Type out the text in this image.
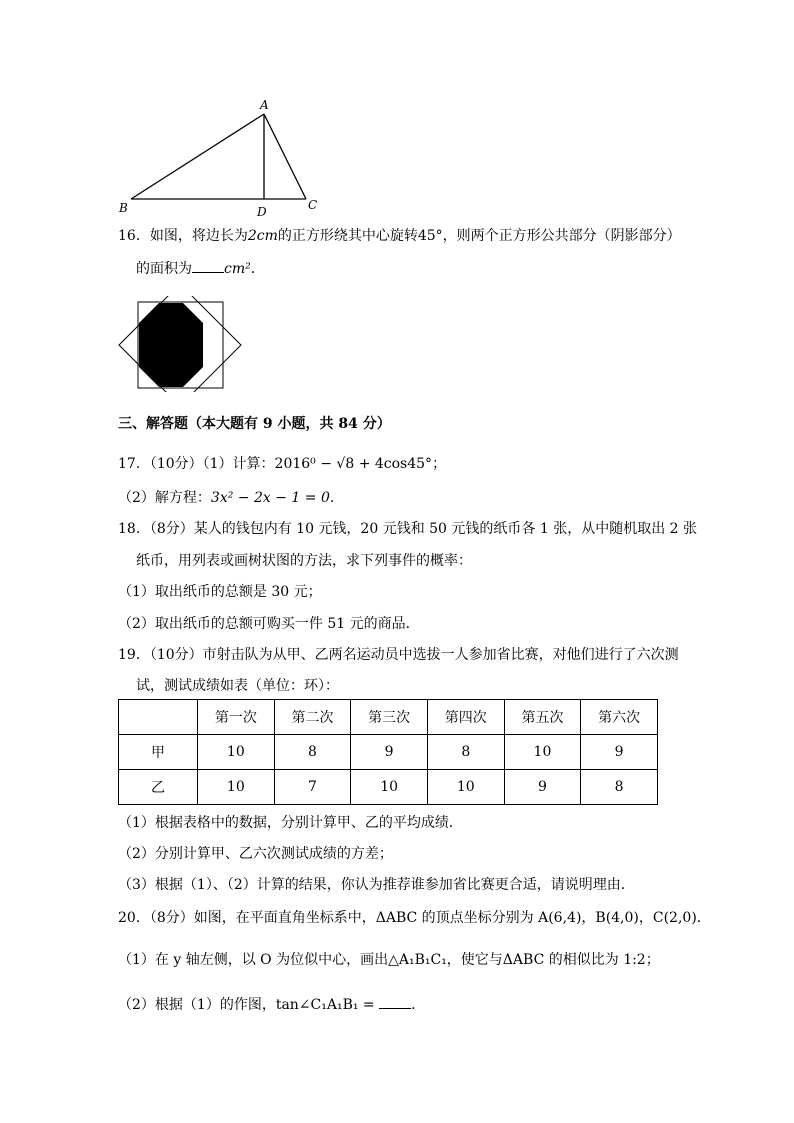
A
B	C
D
16．如图，将边长为2cm的正方形绕其中心旋转45°，则两个正方形公共部分（阴影部分）
的面积为 cm²．
三、解答题（本大题有 9 小题，共 84 分）
17．（10分）（1）计算：2016⁰ − √8 + 4cos45°；
（2）解方程：3x² − 2x − 1 = 0．
18．（8分）某人的钱包内有 10 元钱，20 元钱和 50 元钱的纸币各 1 张，从中随机取出 2 张
纸币，用列表或画树状图的方法，求下列事件的概率：
（1）取出纸币的总额是 30 元；
（2）取出纸币的总额可购买一件 51 元的商品．
19．（10分）市射击队为从甲、乙两名运动员中选拔一人参加省比赛，对他们进行了六次测
试，测试成绩如表（单位：环）：
	第一次	第二次	第三次	第四次	第五次	第六次
甲	10	8	9	8	10	9
乙	10	7	10	10	9	8
（1）根据表格中的数据，分别计算甲、乙的平均成绩．
（2）分别计算甲、乙六次测试成绩的方差；
（3）根据（1）、（2）计算的结果，你认为推荐谁参加省比赛更合适，请说明理由．
20．（8分）如图，在平面直角坐标系中，ΔABC 的顶点坐标分别为 A(6,4)，B(4,0)，C(2,0)．
（1）在 y 轴左侧，以 O 为位似中心，画出△A₁B₁C₁，使它与ΔABC 的相似比为 1:2；
（2）根据（1）的作图，tan∠C₁A₁B₁ =	．
